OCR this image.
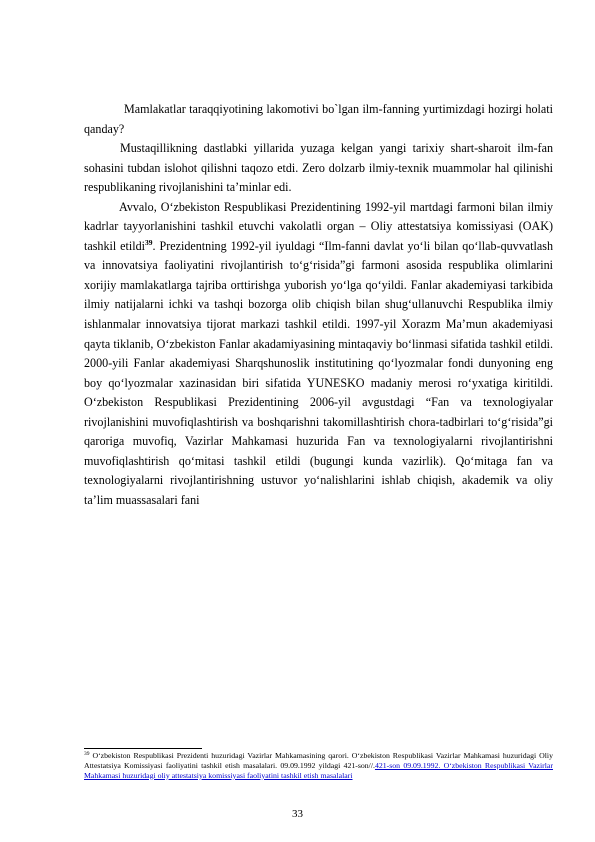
Mamlakatlar taraqqiyotining lakomotivi bo`lgan ilm-fanning yurtimizdagi hozirgi holati qanday?

Mustaqillikning dastlabki yillarida yuzaga kelgan yangi tarixiy shart-sharoit ilm-fan sohasini tubdan islohot qilishni taqozo etdi. Zero dolzarb ilmiy-texnik muammolar hal qilinishi respublikaning rivojlanishini ta’minlar edi.

Avvalo, O‘zbekiston Respublikasi Prezidentining 1992-yil martdagi farmoni bilan ilmiy kadrlar tayyorlanishini tashkil etuvchi vakolatli organ – Oliy attestatsiya komissiyasi (OAK) tashkil etildi$^{39}$. Prezidentning 1992-yil iyuldagi “Ilm-fanni davlat yo‘li bilan qo‘llab-quvvatlash va innovatsiya faoliyatini rivojlantirish to‘g‘risida”gi farmoni asosida respublika olimlarini xorijiy mamlakatlarga tajriba orttirishga yuborish yo‘lga qo‘yildi. Fanlar akademiyasi tarkibida ilmiy natijalarni ichki va tashqi bozorga olib chiqish bilan shug‘ullanuvchi Respublika ilmiy ishlanmalar innovatsiya tijorat markazi tashkil etildi. 1997-yil Xorazm Ma’mun akademiyasi qayta tiklanib, O‘zbekiston Fanlar akadamiyasining mintaqaviy bo‘linmasi sifatida tashkil etildi. 2000-yili Fanlar akademiyasi Sharqshunoslik institutining qo‘lyozmalar fondi dunyoning eng boy qo‘lyozmalar xazinasidan biri sifatida YUNESKO madaniy merosi ro‘yxatiga kiritildi. O‘zbekiston Respublikasi Prezidentining 2006-yil avgustdagi “Fan va texnologiyalar rivojlanishini muvofiqlashtirish va boshqarishni takomillashtirish chora-tadbirlari to‘g‘risida”gi qaroriga muvofiq, Vazirlar Mahkamasi huzurida Fan va texnologiyalarni rivojlantirishni muvofiqlashtirish qo‘mitasi tashkil etildi (bugungi kunda vazirlik). Qo‘mitaga fan va texnologiyalarni rivojlantirishning ustuvor yo‘nalishlarini ishlab chiqish, akademik va oliy ta’lim muassasalari fani

$^{39}$ O‘zbekiston Respublikasi Prezidenti huzuridagi Vazirlar Mahkamasining qarori. O‘zbekiston Respublikasi Vazirlar Mahkamasi huzuridagi Oliy Attestatsiya Komissiyasi faoliyatini tashkil etish masalalari. 09.09.1992 yildagi 421-son//.421-son 09.09.1992. O‘zbekiston Respublikasi Vazirlar Mahkamasi huzuridagi oliy attestatsiya komissiyasi faoliyatini tashkil etish masalalari

33
